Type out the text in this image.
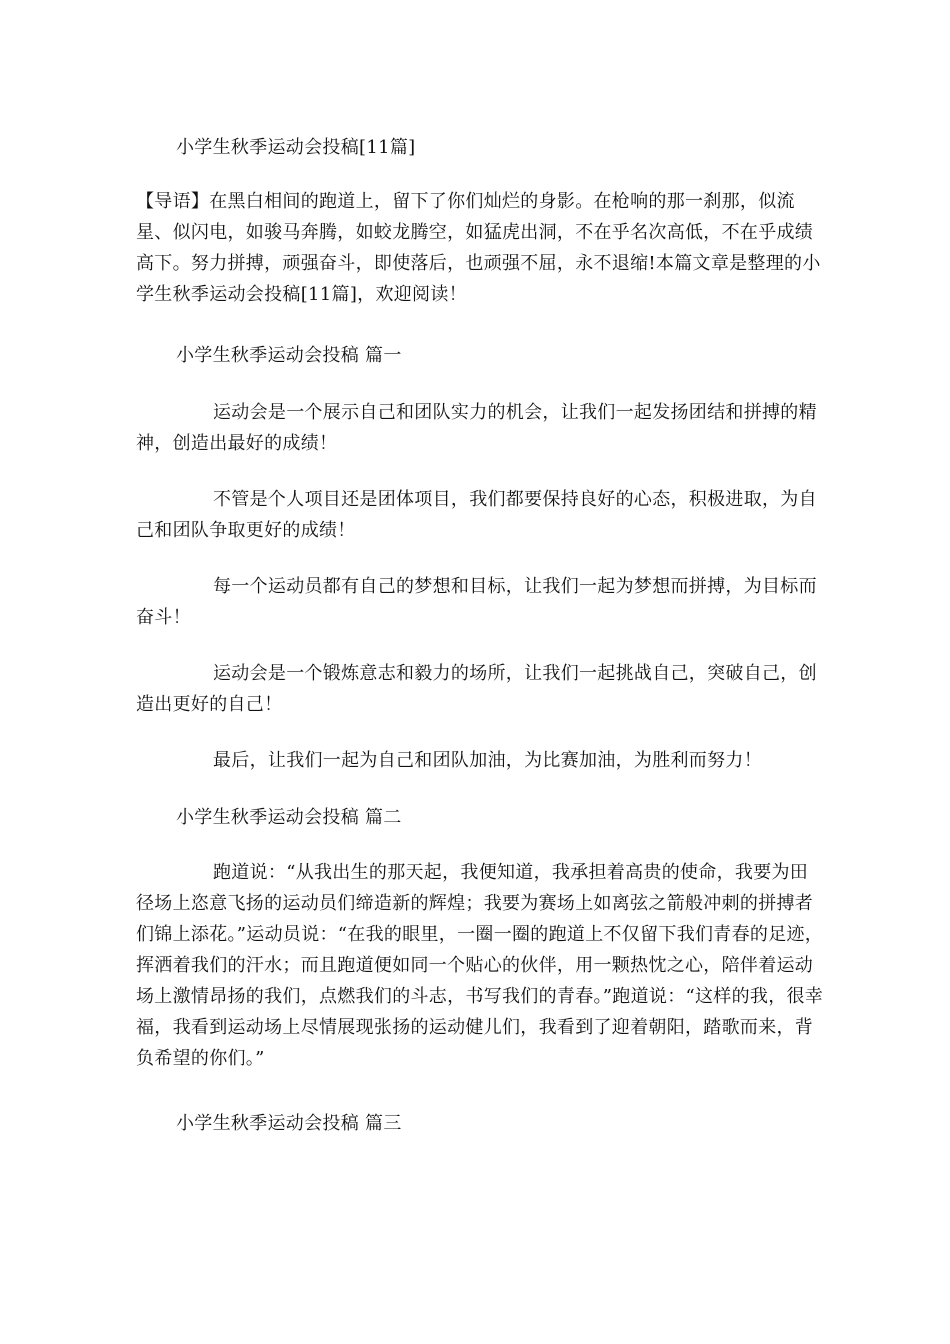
小学生秋季运动会投稿[11篇]
【导语】在黑白相间的跑道上，留下了你们灿烂的身影。在枪响的那一刹那，似流星、似闪电，如骏马奔腾，如蛟龙腾空，如猛虎出洞，不在乎名次高低，不在乎成绩高下。努力拼搏，顽强奋斗，即使落后，也顽强不屈，永不退缩!本篇文章是整理的小学生秋季运动会投稿[11篇]，欢迎阅读！
小学生秋季运动会投稿 篇一
运动会是一个展示自己和团队实力的机会，让我们一起发扬团结和拼搏的精神，创造出最好的成绩！
不管是个人项目还是团体项目，我们都要保持良好的心态，积极进取，为自己和团队争取更好的成绩！
每一个运动员都有自己的梦想和目标，让我们一起为梦想而拼搏，为目标而奋斗！
运动会是一个锻炼意志和毅力的场所，让我们一起挑战自己，突破自己，创造出更好的自己！
最后，让我们一起为自己和团队加油，为比赛加油，为胜利而努力！
小学生秋季运动会投稿 篇二
跑道说：“从我出生的那天起，我便知道，我承担着高贵的使命，我要为田径场上恣意飞扬的运动员们缔造新的辉煌；我要为赛场上如离弦之箭般冲刺的拼搏者们锦上添花。”运动员说：“在我的眼里，一圈一圈的跑道上不仅留下我们青春的足迹，挥洒着我们的汗水；而且跑道便如同一个贴心的伙伴，用一颗热忱之心，陪伴着运动场上激情昂扬的我们，点燃我们的斗志，书写我们的青春。”跑道说：“这样的我，很幸福，我看到运动场上尽情展现张扬的运动健儿们，我看到了迎着朝阳，踏歌而来，背负希望的你们。”
小学生秋季运动会投稿 篇三
